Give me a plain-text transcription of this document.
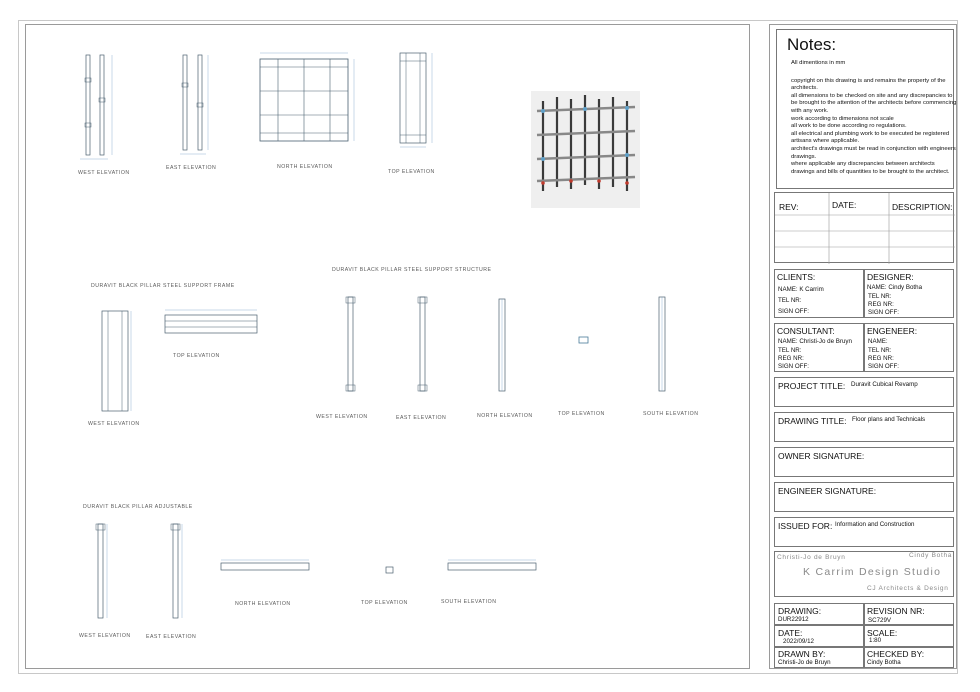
WEST ELEVATION
EAST ELEVATION	NORTH ELEVATION
TOP ELEVATION
DURAVIT BLACK PILLAR STEEL SUPPORT STRUCTURE
DURAVIT BLACK PILLAR STEEL SUPPORT FRAME
TOP ELEVATION
WEST ELEVATION
WEST ELEVATION	EAST ELEVATION	NORTH ELEVATION	TOP ELEVATION	SOUTH ELEVATION
DURAVIT BLACK PILLAR ADJUSTABLE
WEST ELEVATION	EAST ELEVATION
NORTH ELEVATION	TOP ELEVATION	SOUTH ELEVATION
Notes:

All dimentions in mm

copyright on this drawing is and remains the property of the architects.

all dimensions to be checked on site and any discrepancies to be brought to the attention of the architects before commencing with any work.

work according to dimensions not scale

all work to be done according ro regulations.

all electrical and plumbing work to be executed be registered artisans where applicable.

architect's drawings must be read in conjunction with engineers drawings.

where applicable any discrepancies between architects drawings and bills of quantities to be brought to the architect.

REV:	DATE:	DESCRIPTION:
CLIENTS:
NAME: K Carrim
TEL NR:
SIGN OFF:
DESIGNER:
NAME: Cindy Botha
TEL NR:
REG NR:
SIGN OFF:
CONSULTANT:
NAME: Christi-Jo de Bruyn
TEL NR:
REG NR:
SIGN OFF:
ENGENEER:
NAME:
TEL NR:
REG NR:
SIGN OFF:
PROJECT TITLE: Duravit Cubical Revamp
DRAWING TITLE: Floor plans and Technicals
OWNER SIGNATURE:
ENGINEER SIGNATURE:
ISSUED FOR: Information and Construction
Christi-Jo de Bruyn	Cindy Botha
K Carrim Design Studio
CJ Architects & Design
DRAWING:
DUR22912
REVISION NR:
SC729V
DATE:
2022/09/12
SCALE:
1:80
DRAWN BY:
Christi-Jo de Bruyn
CHECKED BY:
Cindy Botha
